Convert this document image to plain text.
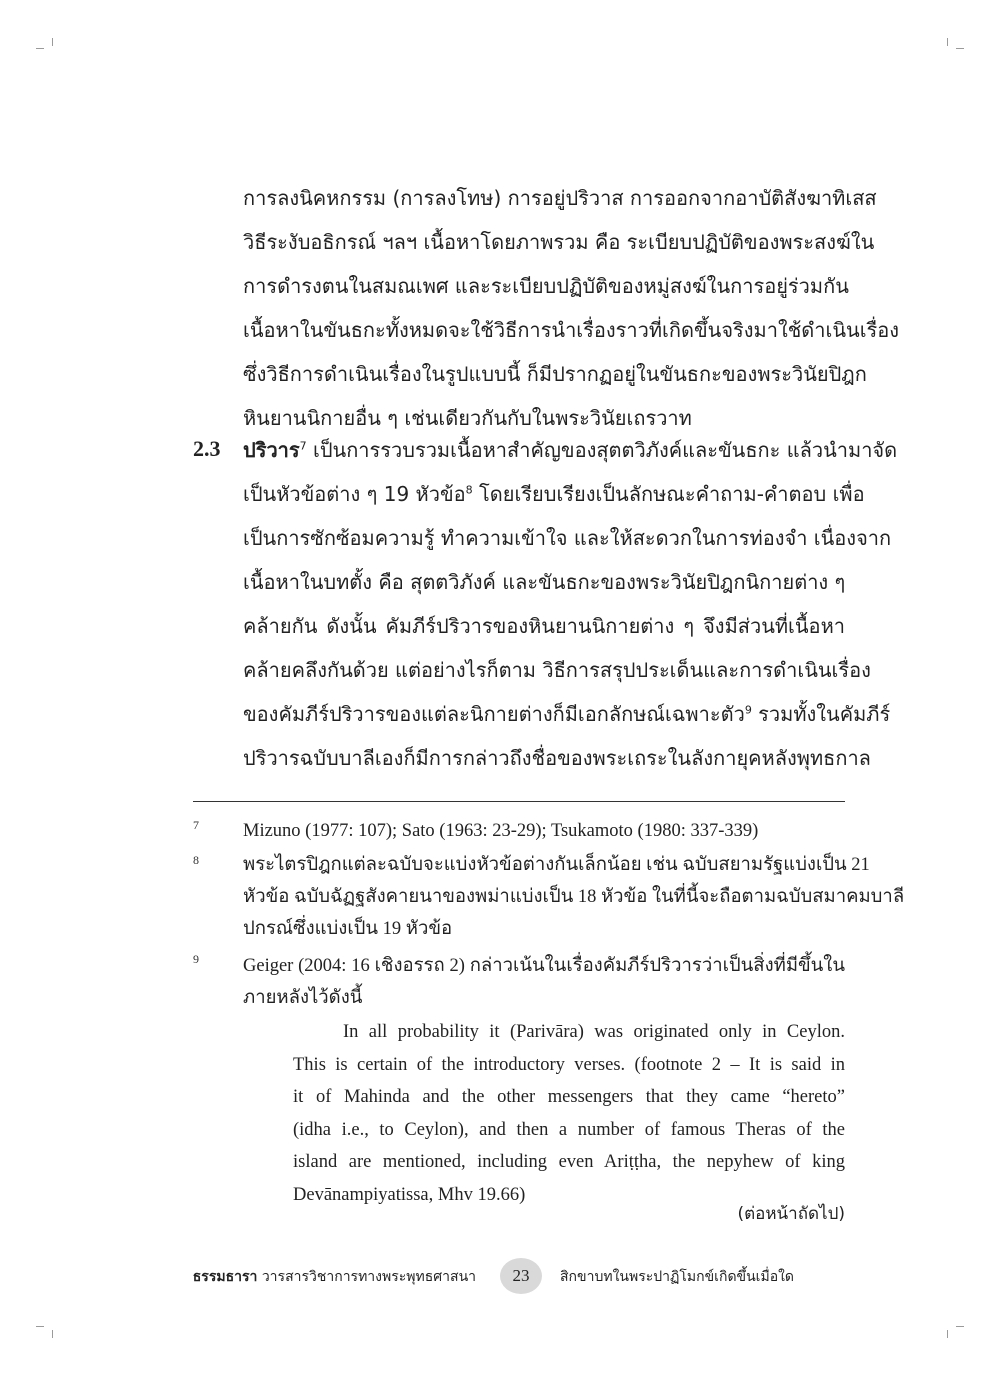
การลงนิคหกรรม (การลงโทษ) การอยู่ปริวาส การออกจากอาบัติสังฆาทิเสส
วิธีระงับอธิกรณ์ ฯลฯ เนื้อหาโดยภาพรวม คือ ระเบียบปฏิบัติของพระสงฆ์ใน
การดำรงตนในสมณเพศ และระเบียบปฏิบัติของหมู่สงฆ์ในการอยู่ร่วมกัน
เนื้อหาในขันธกะทั้งหมดจะใช้วิธีการนำเรื่องราวที่เกิดขึ้นจริงมาใช้ดำเนินเรื่อง
ซึ่งวิธีการดำเนินเรื่องในรูปแบบนี้ ก็มีปรากฏอยู่ในขันธกะของพระวินัยปิฎก
หินยานนิกายอื่น ๆ เช่นเดียวกันกับในพระวินัยเถรวาท
2.3 ปริวาร$^7$ เป็นการรวบรวมเนื้อหาสำคัญของสุตตวิภังค์และขันธกะ แล้วนำมาจัด
เป็นหัวข้อต่าง ๆ 19 หัวข้อ$^8$ โดยเรียบเรียงเป็นลักษณะคำถาม-คำตอบ เพื่อ
เป็นการซักซ้อมความรู้ ทำความเข้าใจ และให้สะดวกในการท่องจำ เนื่องจาก
เนื้อหาในบทตั้ง คือ สุตตวิภังค์ และขันธกะของพระวินัยปิฎกนิกายต่าง ๆ
คล้ายกัน ดังนั้น คัมภีร์ปริวารของหินยานนิกายต่าง ๆ จึงมีส่วนที่เนื้อหา
คล้ายคลึงกันด้วย แต่อย่างไรก็ตาม วิธีการสรุปประเด็นและการดำเนินเรื่อง
ของคัมภีร์ปริวารของแต่ละนิกายต่างก็มีเอกลักษณ์เฉพาะตัว$^9$ รวมทั้งในคัมภีร์
ปริวารฉบับบาลีเองก็มีการกล่าวถึงชื่อของพระเถระในลังกายุคหลังพุทธกาล
7 Mizuno (1977: 107); Sato (1963: 23-29); Tsukamoto (1980: 337-339)
8 พระไตรปิฎกแต่ละฉบับจะแบ่งหัวข้อต่างกันเล็กน้อย เช่น ฉบับสยามรัฐแบ่งเป็น 21
หัวข้อ ฉบับฉัฏฐสังคายนาของพม่าแบ่งเป็น 18 หัวข้อ ในที่นี้จะถือตามฉบับสมาคมบาลี
ปกรณ์ซึ่งแบ่งเป็น 19 หัวข้อ
9 Geiger (2004: 16 เชิงอรรถ 2) กล่าวเน้นในเรื่องคัมภีร์ปริวารว่าเป็นสิ่งที่มีขึ้นใน
ภายหลังไว้ดังนี้
In all probability it (Parivāra) was originated only in Ceylon.
This is certain of the introductory verses. (footnote 2 – It is said in
it of Mahinda and the other messengers that they came “hereto”
(idha i.e., to Ceylon), and then a number of famous Theras of the
island are mentioned, including even Ariṭṭha, the nepyhew of king
Devānampiyatissa, Mhv 19.66)
(ต่อหน้าถัดไป)
ธรรมธารา วารสารวิชาการทางพระพุทธศาสนา	23	สิกขาบทในพระปาฏิโมกข์เกิดขึ้นเมื่อใด
